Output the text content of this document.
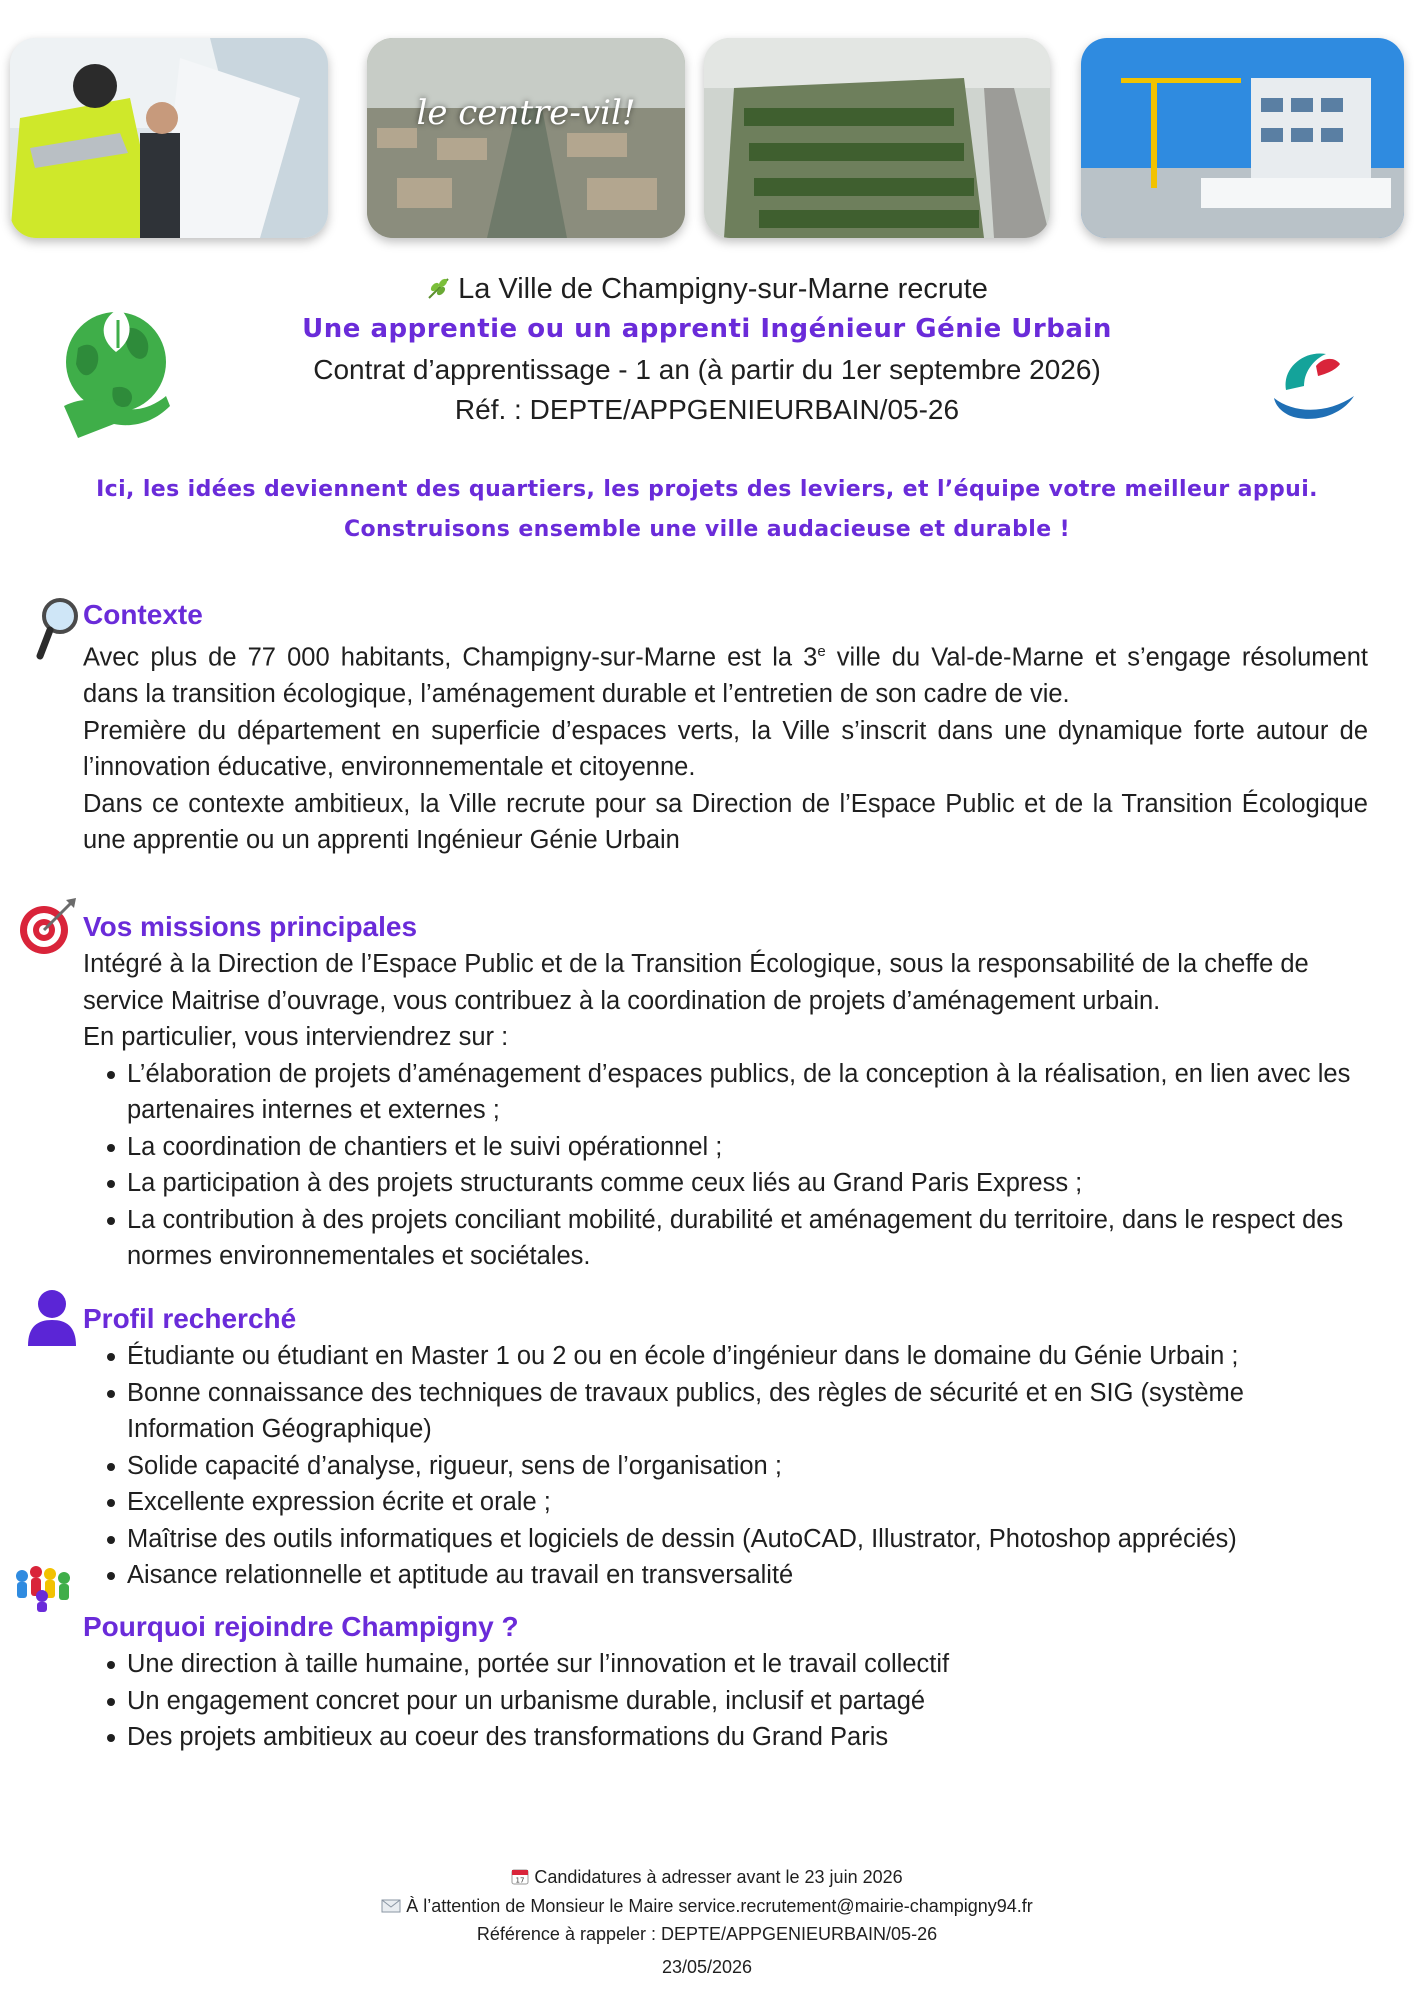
le centre-vil!
La Ville de Champigny-sur-Marne recrute
Une apprentie ou un apprenti Ingénieur Génie Urbain
Contrat d’apprentissage - 1 an (à partir du 1er septembre 2026)
Réf. : DEPTE/APPGENIEURBAIN/05-26
Ici, les idées deviennent des quartiers, les projets des leviers, et l’équipe votre meilleur appui.
Construisons ensemble une ville audacieuse et durable !
Contexte

Avec plus de 77 000 habitants, Champigny-sur-Marne est la 3e ville du Val-de-Marne et s’engage résolument dans la transition écologique, l’aménagement durable et l’entretien de son cadre de vie.

Première du département en superficie d’espaces verts, la Ville s’inscrit dans une dynamique forte autour de l’innovation éducative, environnementale et citoyenne.

Dans ce contexte ambitieux, la Ville recrute pour sa Direction de l’Espace Public et de la Transition Écologique une apprentie ou un apprenti Ingénieur Génie Urbain

Vos missions principales

Intégré à la Direction de l’Espace Public et de la Transition Écologique, sous la responsabilité de la cheffe de service Maitrise d’ouvrage, vous contribuez à la coordination de projets d’aménagement urbain.

En particulier, vous interviendrez sur :

L’élaboration de projets d’aménagement d’espaces publics, de la conception à la réalisation, en lien avec les partenaires internes et externes ;
La coordination de chantiers et le suivi opérationnel ;
La participation à des projets structurants comme ceux liés au Grand Paris Express ;
La contribution à des projets conciliant mobilité, durabilité et aménagement du territoire, dans le respect des normes environnementales et sociétales.
Profil recherché
Étudiante ou étudiant en Master 1 ou 2 ou en école d’ingénieur dans le domaine du Génie Urbain ;
Bonne connaissance des techniques de travaux publics, des règles de sécurité et en SIG (système Information Géographique)
Solide capacité d’analyse, rigueur, sens de l’organisation ;
Excellente expression écrite et orale ;
Maîtrise des outils informatiques et logiciels de dessin (AutoCAD, Illustrator, Photoshop appréciés)
Aisance relationnelle et aptitude au travail en transversalité
Pourquoi rejoindre Champigny ?
Une direction à taille humaine, portée sur l’innovation et le travail collectif
Un engagement concret pour un urbanisme durable, inclusif et partagé
Des projets ambitieux au coeur des transformations du Grand Paris
17 Candidatures à adresser avant le 23 juin 2026
À l’attention de Monsieur le Maire service.recrutement@mairie-champigny94.fr
Référence à rappeler : DEPTE/APPGENIEURBAIN/05-26
23/05/2026
